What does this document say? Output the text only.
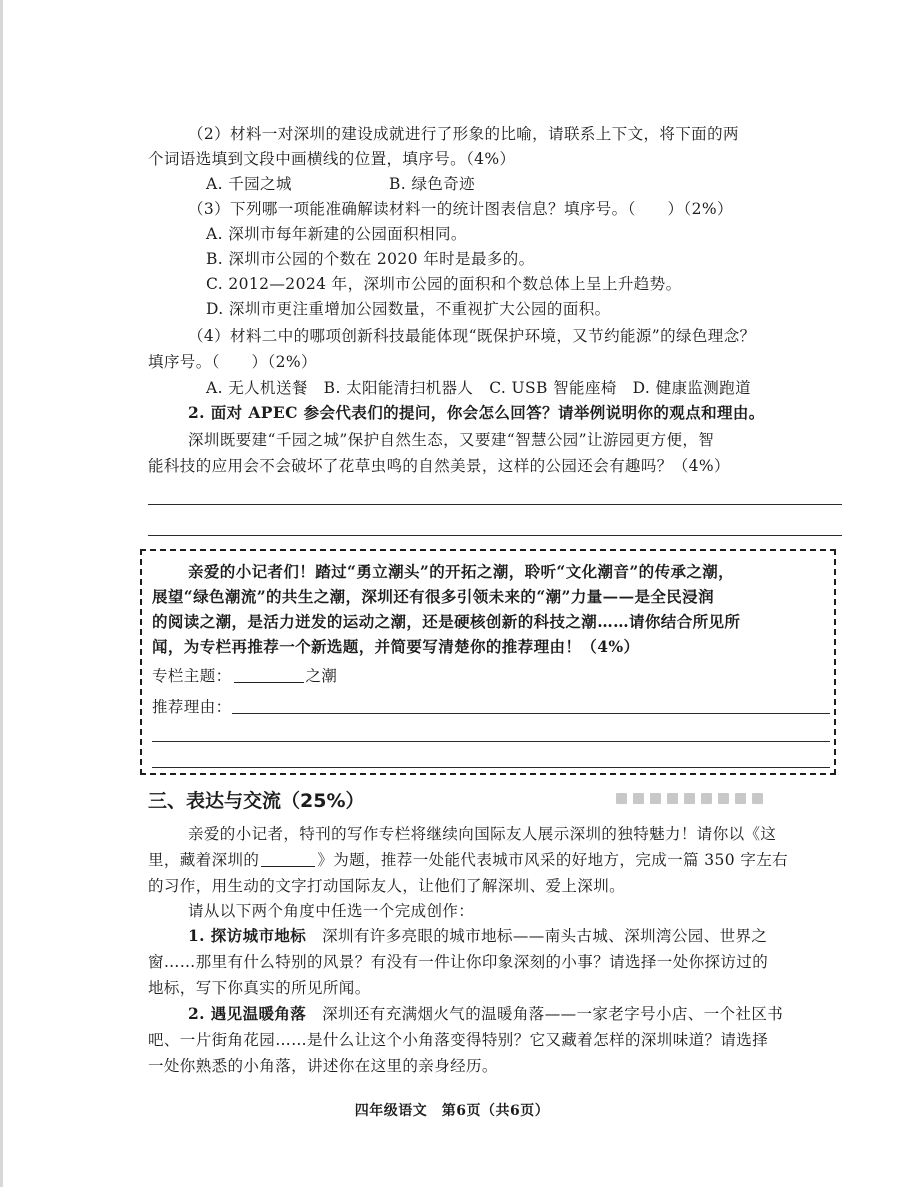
（2）材料一对深圳的建设成就进行了形象的比喻，请联系上下文，将下面的两
个词语选填到文段中画横线的位置，填序号。（4%）
A. 千园之城	B. 绿色奇迹
（3）下列哪一项能准确解读材料一的统计图表信息？填序号。（　　）（2%）
A. 深圳市每年新建的公园面积相同。
B. 深圳市公园的个数在 2020 年时是最多的。
C. 2012—2024 年，深圳市公园的面积和个数总体上呈上升趋势。
D. 深圳市更注重增加公园数量，不重视扩大公园的面积。
（4）材料二中的哪项创新科技最能体现“既保护环境，又节约能源”的绿色理念？
填序号。（　　）（2%）
A. 无人机送餐　B. 太阳能清扫机器人　C. USB 智能座椅　D. 健康监测跑道
2. 面对 APEC 参会代表们的提问，你会怎么回答？请举例说明你的观点和理由。
深圳既要建“千园之城”保护自然生态，又要建“智慧公园”让游园更方便，智
能科技的应用会不会破坏了花草虫鸣的自然美景，这样的公园还会有趣吗？（4%）
亲爱的小记者们！踏过“勇立潮头”的开拓之潮，聆听“文化潮音”的传承之潮，
展望“绿色潮流”的共生之潮，深圳还有很多引领未来的“潮”力量——是全民浸润
的阅读之潮，是活力迸发的运动之潮，还是硬核创新的科技之潮……请你结合所见所
闻，为专栏再推荐一个新选题，并简要写清楚你的推荐理由！（4%）
专栏主题：	之潮
推荐理由：
三、表达与交流（25%）
亲爱的小记者，特刊的写作专栏将继续向国际友人展示深圳的独特魅力！请你以《这
里，藏着深圳的	》为题，推荐一处能代表城市风采的好地方，完成一篇 350 字左右
的习作，用生动的文字打动国际友人，让他们了解深圳、爱上深圳。
请从以下两个角度中任选一个完成创作：
1. 探访城市地标　深圳有许多亮眼的城市地标——南头古城、深圳湾公园、世界之
窗……那里有什么特别的风景？有没有一件让你印象深刻的小事？请选择一处你探访过的
地标，写下你真实的所见所闻。
2. 遇见温暖角落　深圳还有充满烟火气的温暖角落——一家老字号小店、一个社区书
吧、一片街角花园……是什么让这个小角落变得特别？它又藏着怎样的深圳味道？请选择
一处你熟悉的小角落，讲述你在这里的亲身经历。
四年级语文　第6页（共6页）
